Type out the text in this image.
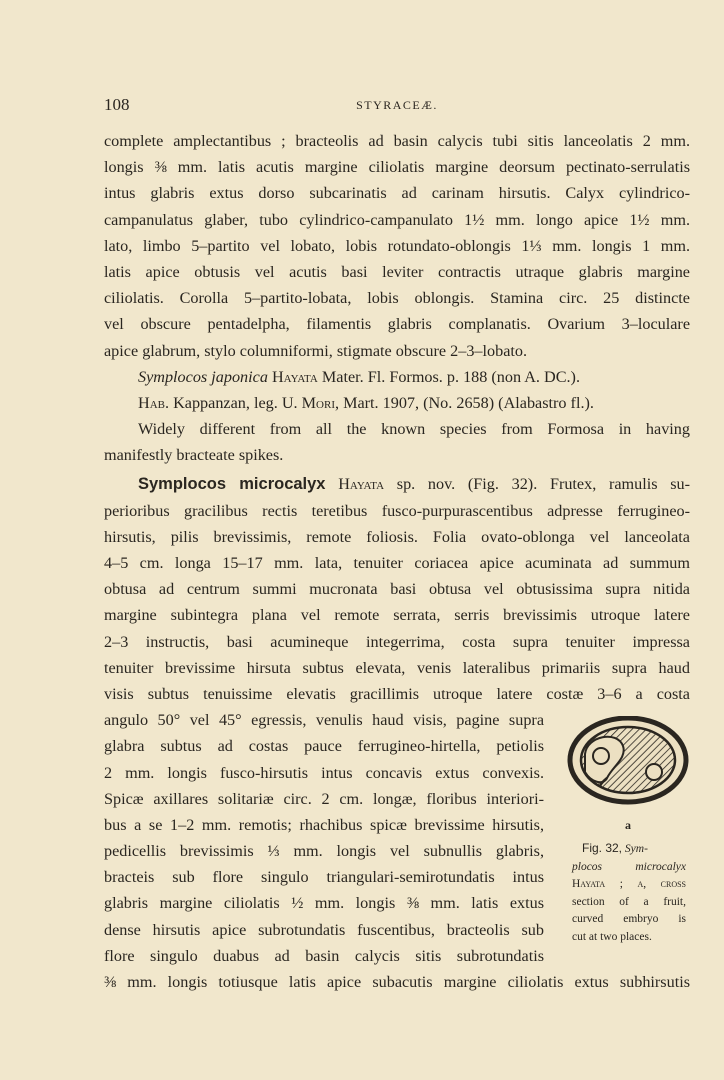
108	STYRACEÆ.
complete amplectantibus ; bracteolis ad basin calycis tubi sitis lanceolatis 2 mm.
longis ⅜ mm. latis acutis margine ciliolatis margine deorsum pectinato-serrulatis
intus glabris extus dorso subcarinatis ad carinam hirsutis. Calyx cylindrico-
campanulatus glaber, tubo cylindrico-campanulato 1½ mm. longo apice 1½ mm.
lato, limbo 5–partito vel lobato, lobis rotundato-oblongis 1⅓ mm. longis 1 mm.
latis apice obtusis vel acutis basi leviter contractis utraque glabris margine
ciliolatis. Corolla 5–partito-lobata, lobis oblongis. Stamina circ. 25 distincte
vel obscure pentadelpha, filamentis glabris complanatis. Ovarium 3–loculare
apice glabrum, stylo columniformi, stigmate obscure 2–3–lobato.
Symplocos japonica Hayata Mater. Fl. Formos. p. 188 (non A. DC.).
Hab. Kappanzan, leg. U. Mori, Mart. 1907, (No. 2658) (Alabastro fl.).
Widely different from all the known species from Formosa in having
manifestly bracteate spikes.
Symplocos microcalyx Hayata sp. nov. (Fig. 32). Frutex, ramulis su-
perioribus gracilibus rectis teretibus fusco-purpurascentibus adpresse ferrugineo-
hirsutis, pilis brevissimis, remote foliosis. Folia ovato-oblonga vel lanceolata
4–5 cm. longa 15–17 mm. lata, tenuiter coriacea apice acuminata ad summum
obtusa ad centrum summi mucronata basi obtusa vel obtusissima supra nitida
margine subintegra plana vel remote serrata, serris brevissimis utroque latere
2–3 instructis, basi acumineque integerrima, costa supra tenuiter impressa
tenuiter brevissime hirsuta subtus elevata, venis lateralibus primariis supra haud
visis subtus tenuissime elevatis gracillimis utroque latere costæ 3–6 a costa
angulo 50° vel 45° egressis, venulis haud visis, pagine supra
glabra subtus ad costas pauce ferrugineo-hirtella, petiolis
2 mm. longis fusco-hirsutis intus concavis extus convexis.
Spicæ axillares solitariæ circ. 2 cm. longæ, floribus interiori-
bus a se 1–2 mm. remotis; rhachibus spicæ brevissime hirsutis,
pedicellis brevissimis ⅓ mm. longis vel subnullis glabris,
bracteis sub flore singulo triangulari-semirotundatis intus
glabris margine ciliolatis ½ mm. longis ⅜ mm. latis extus
dense hirsutis apice subrotundatis fuscentibus, bracteolis sub
flore singulo duabus ad basin calycis sitis subrotundatis
⅜ mm. longis totiusque latis apice subacutis margine ciliolatis extus subhirsutis
a
Fig. 32, Sym-
plocos microcalyx
Hayata ; a, cross
section of a fruit,
curved embryo is
cut at two places.
